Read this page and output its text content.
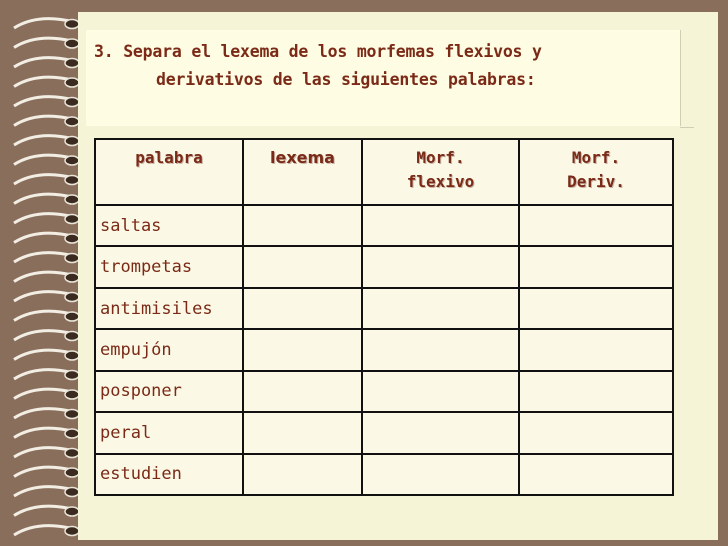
3. Separa el lexema de los morfemas flexivos y
derivativos de las siguientes palabras:

palabra	lexema	Morf. flexivo	Morf. Deriv.
saltas			
trompetas			
antimisiles			
empujón			
posponer			
peral			
estudien			
